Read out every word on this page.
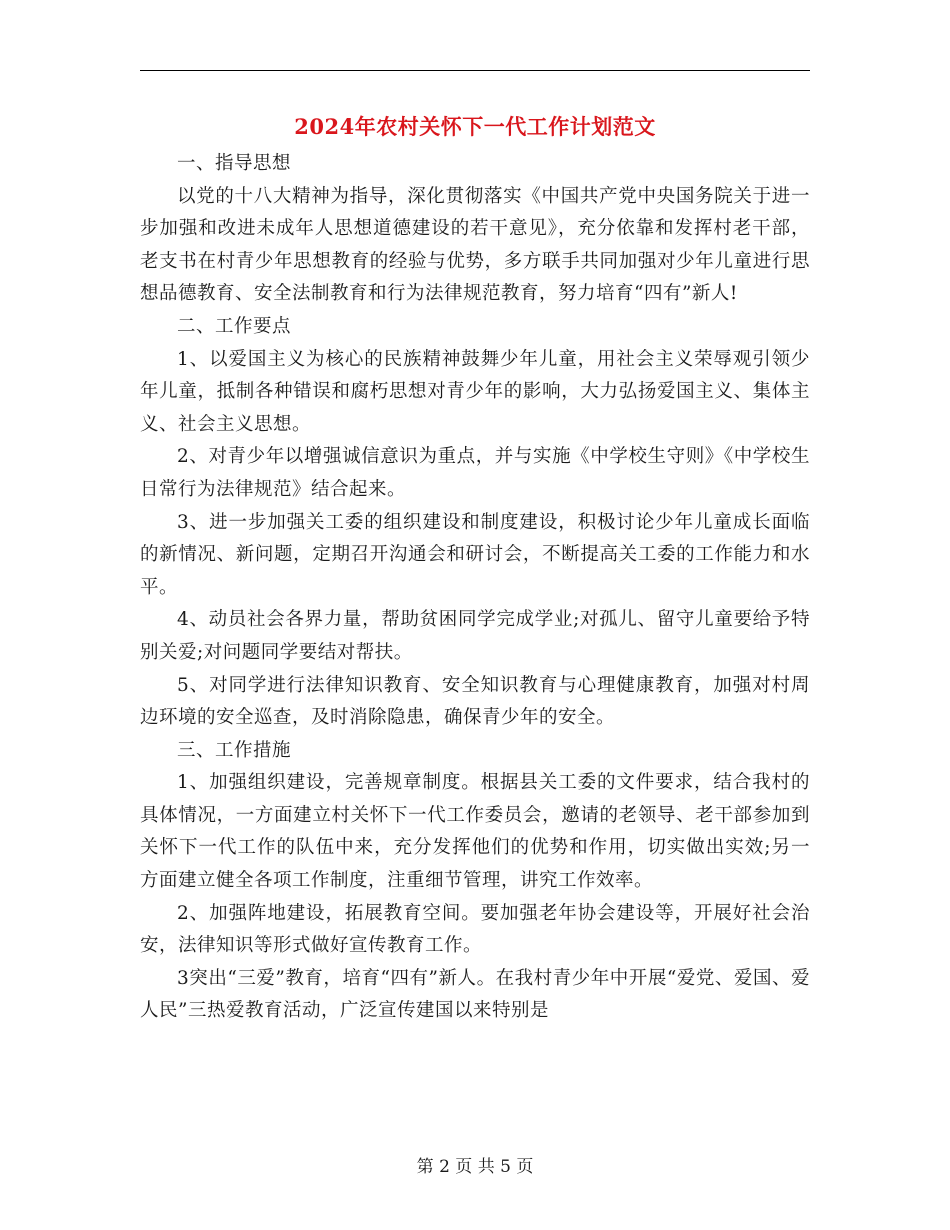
2024年农村关怀下一代工作计划范文

一、指导思想

以党的十八大精神为指导，深化贯彻落实《中国共产党中央国务院关于进一步加强和改进未成年人思想道德建设的若干意见》，充分依靠和发挥村老干部，老支书在村青少年思想教育的经验与优势，多方联手共同加强对少年儿童进行思想品德教育、安全法制教育和行为法律规范教育，努力培育“四有”新人!

二、工作要点

1、以爱国主义为核心的民族精神鼓舞少年儿童，用社会主义荣辱观引领少年儿童，抵制各种错误和腐朽思想对青少年的影响，大力弘扬爱国主义、集体主义、社会主义思想。

2、对青少年以增强诚信意识为重点，并与实施《中学校生守则》《中学校生日常行为法律规范》结合起来。

3、进一步加强关工委的组织建设和制度建设，积极讨论少年儿童成长面临的新情况、新问题，定期召开沟通会和研讨会，不断提高关工委的工作能力和水平。

4、动员社会各界力量，帮助贫困同学完成学业;对孤儿、留守儿童要给予特别关爱;对问题同学要结对帮扶。

5、对同学进行法律知识教育、安全知识教育与心理健康教育，加强对村周边环境的安全巡查，及时消除隐患，确保青少年的安全。

三、工作措施

1、加强组织建设，完善规章制度。根据县关工委的文件要求，结合我村的具体情况，一方面建立村关怀下一代工作委员会，邀请的老领导、老干部参加到关怀下一代工作的队伍中来，充分发挥他们的优势和作用，切实做出实效;另一方面建立健全各项工作制度，注重细节管理，讲究工作效率。

2、加强阵地建设，拓展教育空间。要加强老年协会建设等，开展好社会治安，法律知识等形式做好宣传教育工作。

3突出“三爱”教育，培育“四有”新人。在我村青少年中开展“爱党、爱国、爱人民”三热爱教育活动，广泛宣传建国以来特别是

第 2 页 共 5 页
